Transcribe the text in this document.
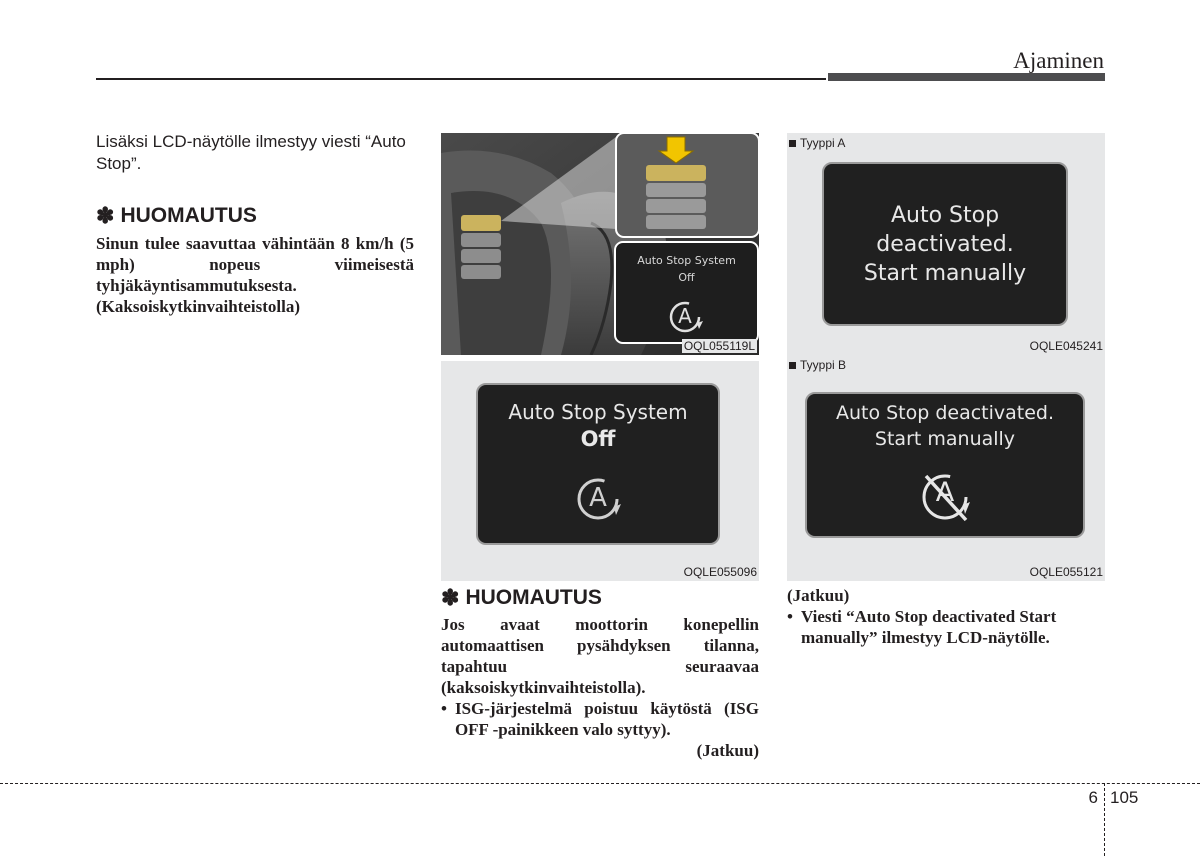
Ajaminen
Lisäksi LCD-näytölle ilmestyy viesti “Auto Stop”.
✽ HUOMAUTUS
Sinun tulee saavuttaa vähintään 8 km/h (5 mph) nopeus viimeisestä tyhjäkäyntisammutuksesta. (Kaksoiskytkinvaihteistolla)
Auto Stop System
Off
A
OQL055119L
Auto Stop System
Off
A
OQLE055096
✽ HUOMAUTUS
Jos avaat moottorin konepellin automaattisen pysähdyksen tilanna, tapahtuu seuraavaa (kaksoiskytkinvaihteistolla).
• ISG-järjestelmä poistuu käytöstä (ISG OFF -painikkeen valo syttyy).
(Jatkuu)
Tyyppi A
Auto Stop
deactivated.
Start manually
OQLE045241
Tyyppi B
Auto Stop deactivated.
Start manually
A
OQLE055121
(Jatkuu)
• Viesti “Auto Stop deactivated Start manually” ilmestyy LCD-näytölle.
6 105
